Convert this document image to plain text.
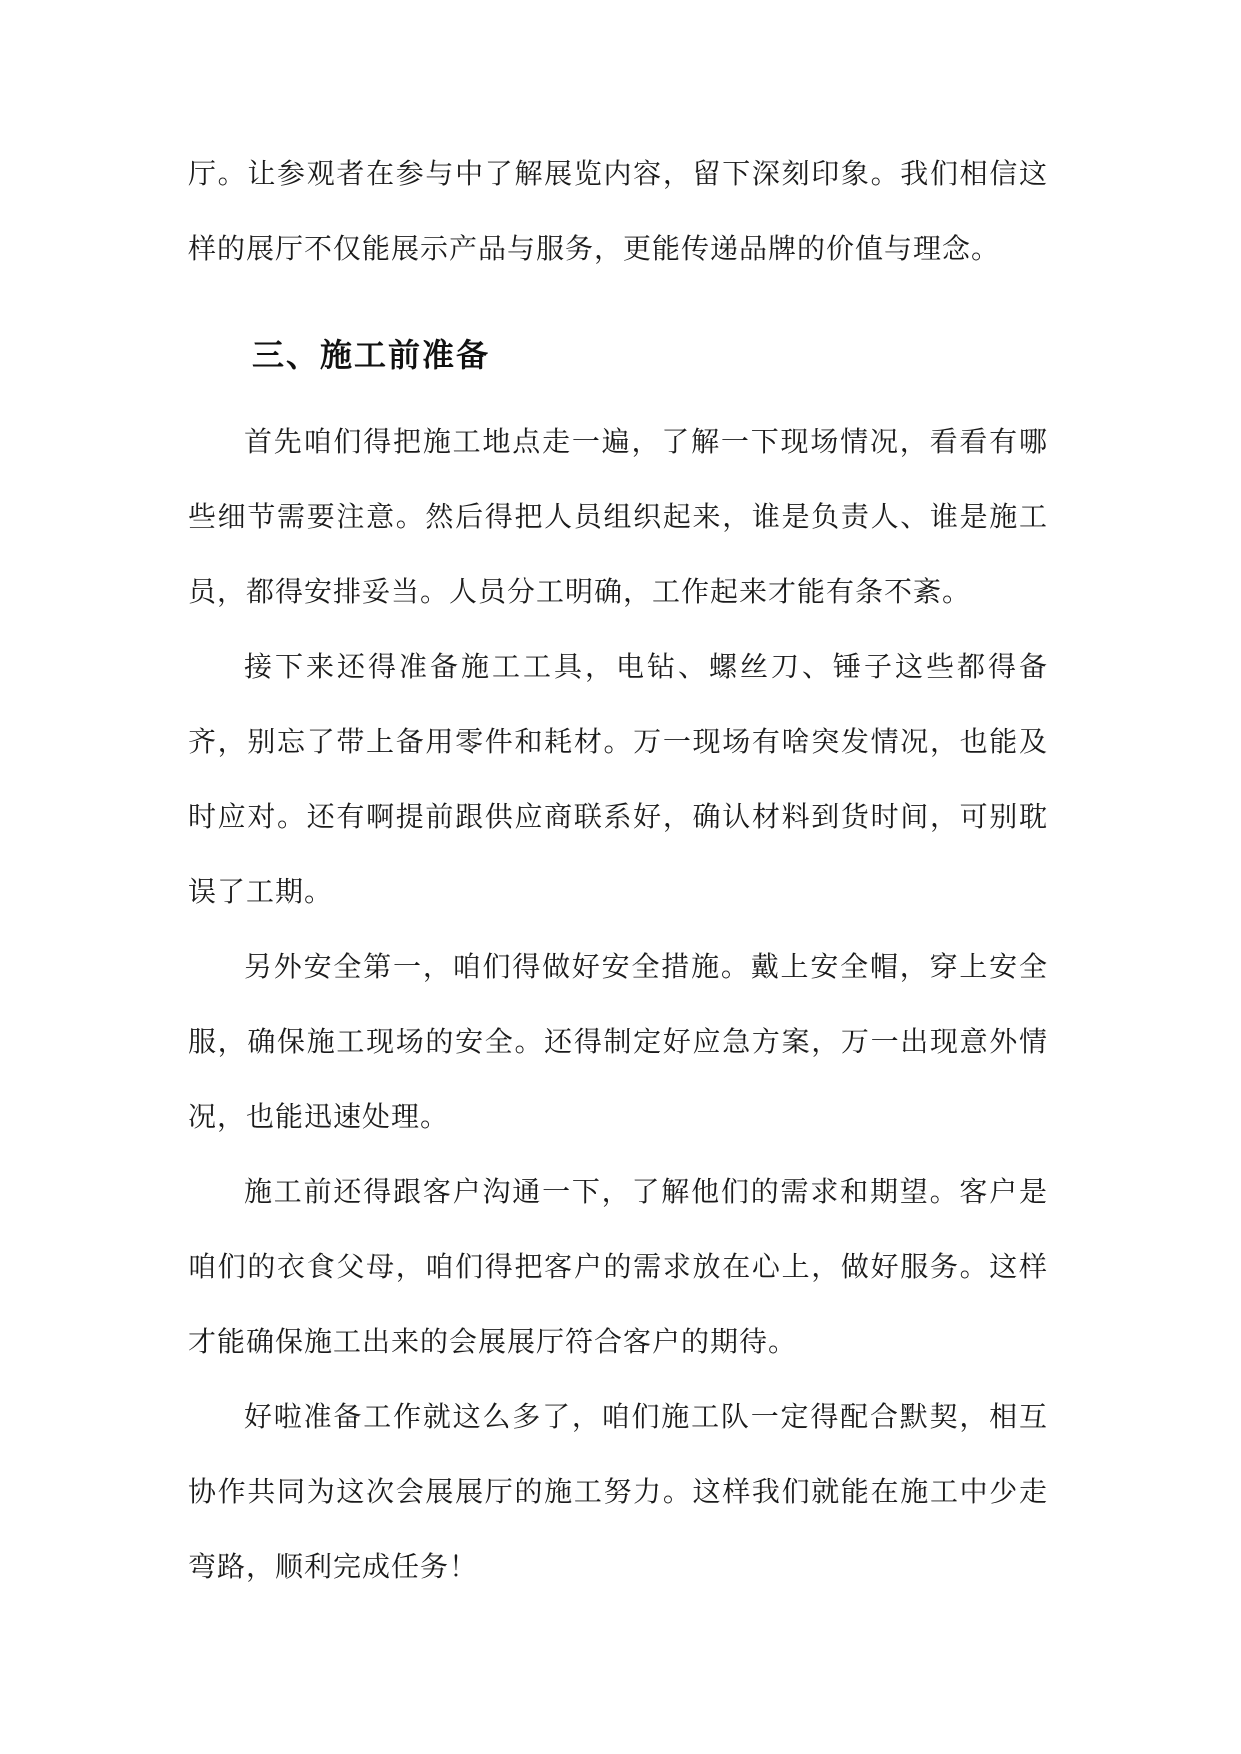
厅。让参观者在参与中了解展览内容，留下深刻印象。我们相信这样的展厅不仅能展示产品与服务，更能传递品牌的价值与理念。
三、施工前准备

首先咱们得把施工地点走一遍，了解一下现场情况，看看有哪些细节需要注意。然后得把人员组织起来，谁是负责人、谁是施工员，都得安排妥当。人员分工明确，工作起来才能有条不紊。

接下来还得准备施工工具，电钻、螺丝刀、锤子这些都得备齐，别忘了带上备用零件和耗材。万一现场有啥突发情况，也能及时应对。还有啊提前跟供应商联系好，确认材料到货时间，可别耽误了工期。

另外安全第一，咱们得做好安全措施。戴上安全帽，穿上安全服，确保施工现场的安全。还得制定好应急方案，万一出现意外情况，也能迅速处理。

施工前还得跟客户沟通一下，了解他们的需求和期望。客户是咱们的衣食父母，咱们得把客户的需求放在心上，做好服务。这样才能确保施工出来的会展展厅符合客户的期待。

好啦准备工作就这么多了，咱们施工队一定得配合默契，相互协作共同为这次会展展厅的施工努力。这样我们就能在施工中少走弯路，顺利完成任务！
